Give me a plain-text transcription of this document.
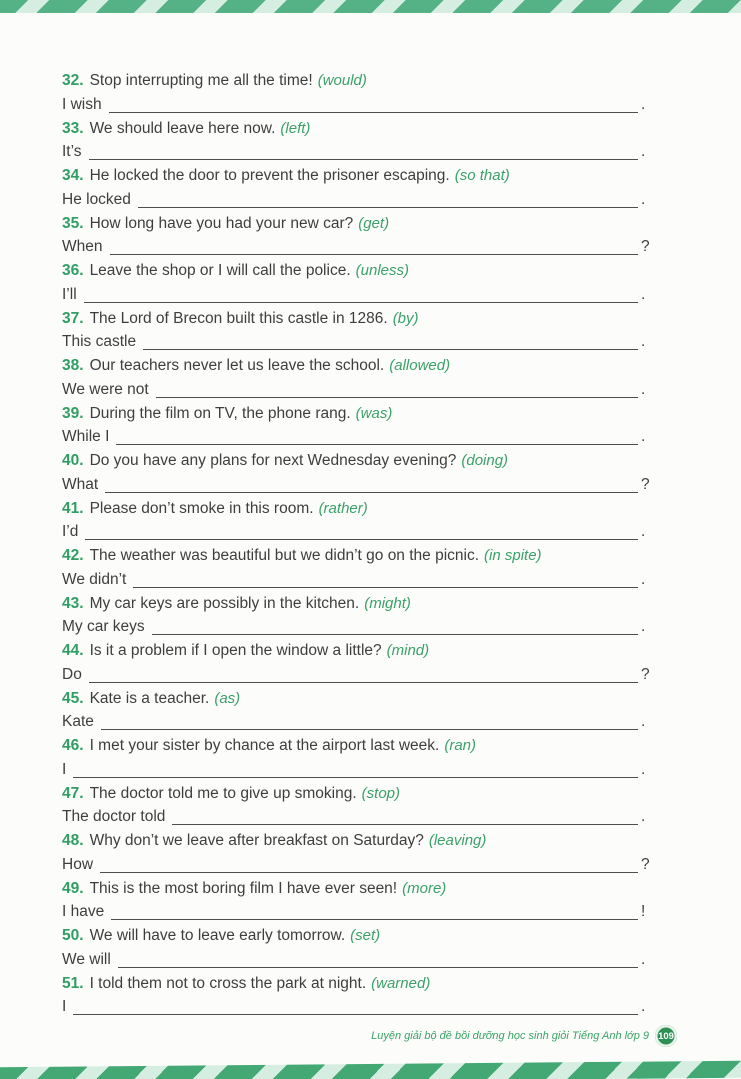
32. Stop interrupting me all the time! (would)
I wish	.
33. We should leave here now. (left)
It’s	.
34. He locked the door to prevent the prisoner escaping. (so that)
He locked	.
35. How long have you had your new car? (get)
When	?
36. Leave the shop or I will call the police. (unless)
I’ll	.
37. The Lord of Brecon built this castle in 1286. (by)
This castle	.
38. Our teachers never let us leave the school. (allowed)
We were not	.
39. During the film on TV, the phone rang. (was)
While I	.
40. Do you have any plans for next Wednesday evening? (doing)
What	?
41. Please don’t smoke in this room. (rather)
I’d	.
42. The weather was beautiful but we didn’t go on the picnic. (in spite)
We didn’t	.
43. My car keys are possibly in the kitchen. (might)
My car keys	.
44. Is it a problem if I open the window a little? (mind)
Do	?
45. Kate is a teacher. (as)
Kate	.
46. I met your sister by chance at the airport last week. (ran)
I	.
47. The doctor told me to give up smoking. (stop)
The doctor told	.
48. Why don’t we leave after breakfast on Saturday? (leaving)
How	?
49. This is the most boring film I have ever seen! (more)
I have	!
50. We will have to leave early tomorrow. (set)
We will	.
51. I told them not to cross the park at night. (warned)
I	.
Luyện giải bộ đề bồi dưỡng học sinh giỏi Tiếng Anh lớp 9 109
